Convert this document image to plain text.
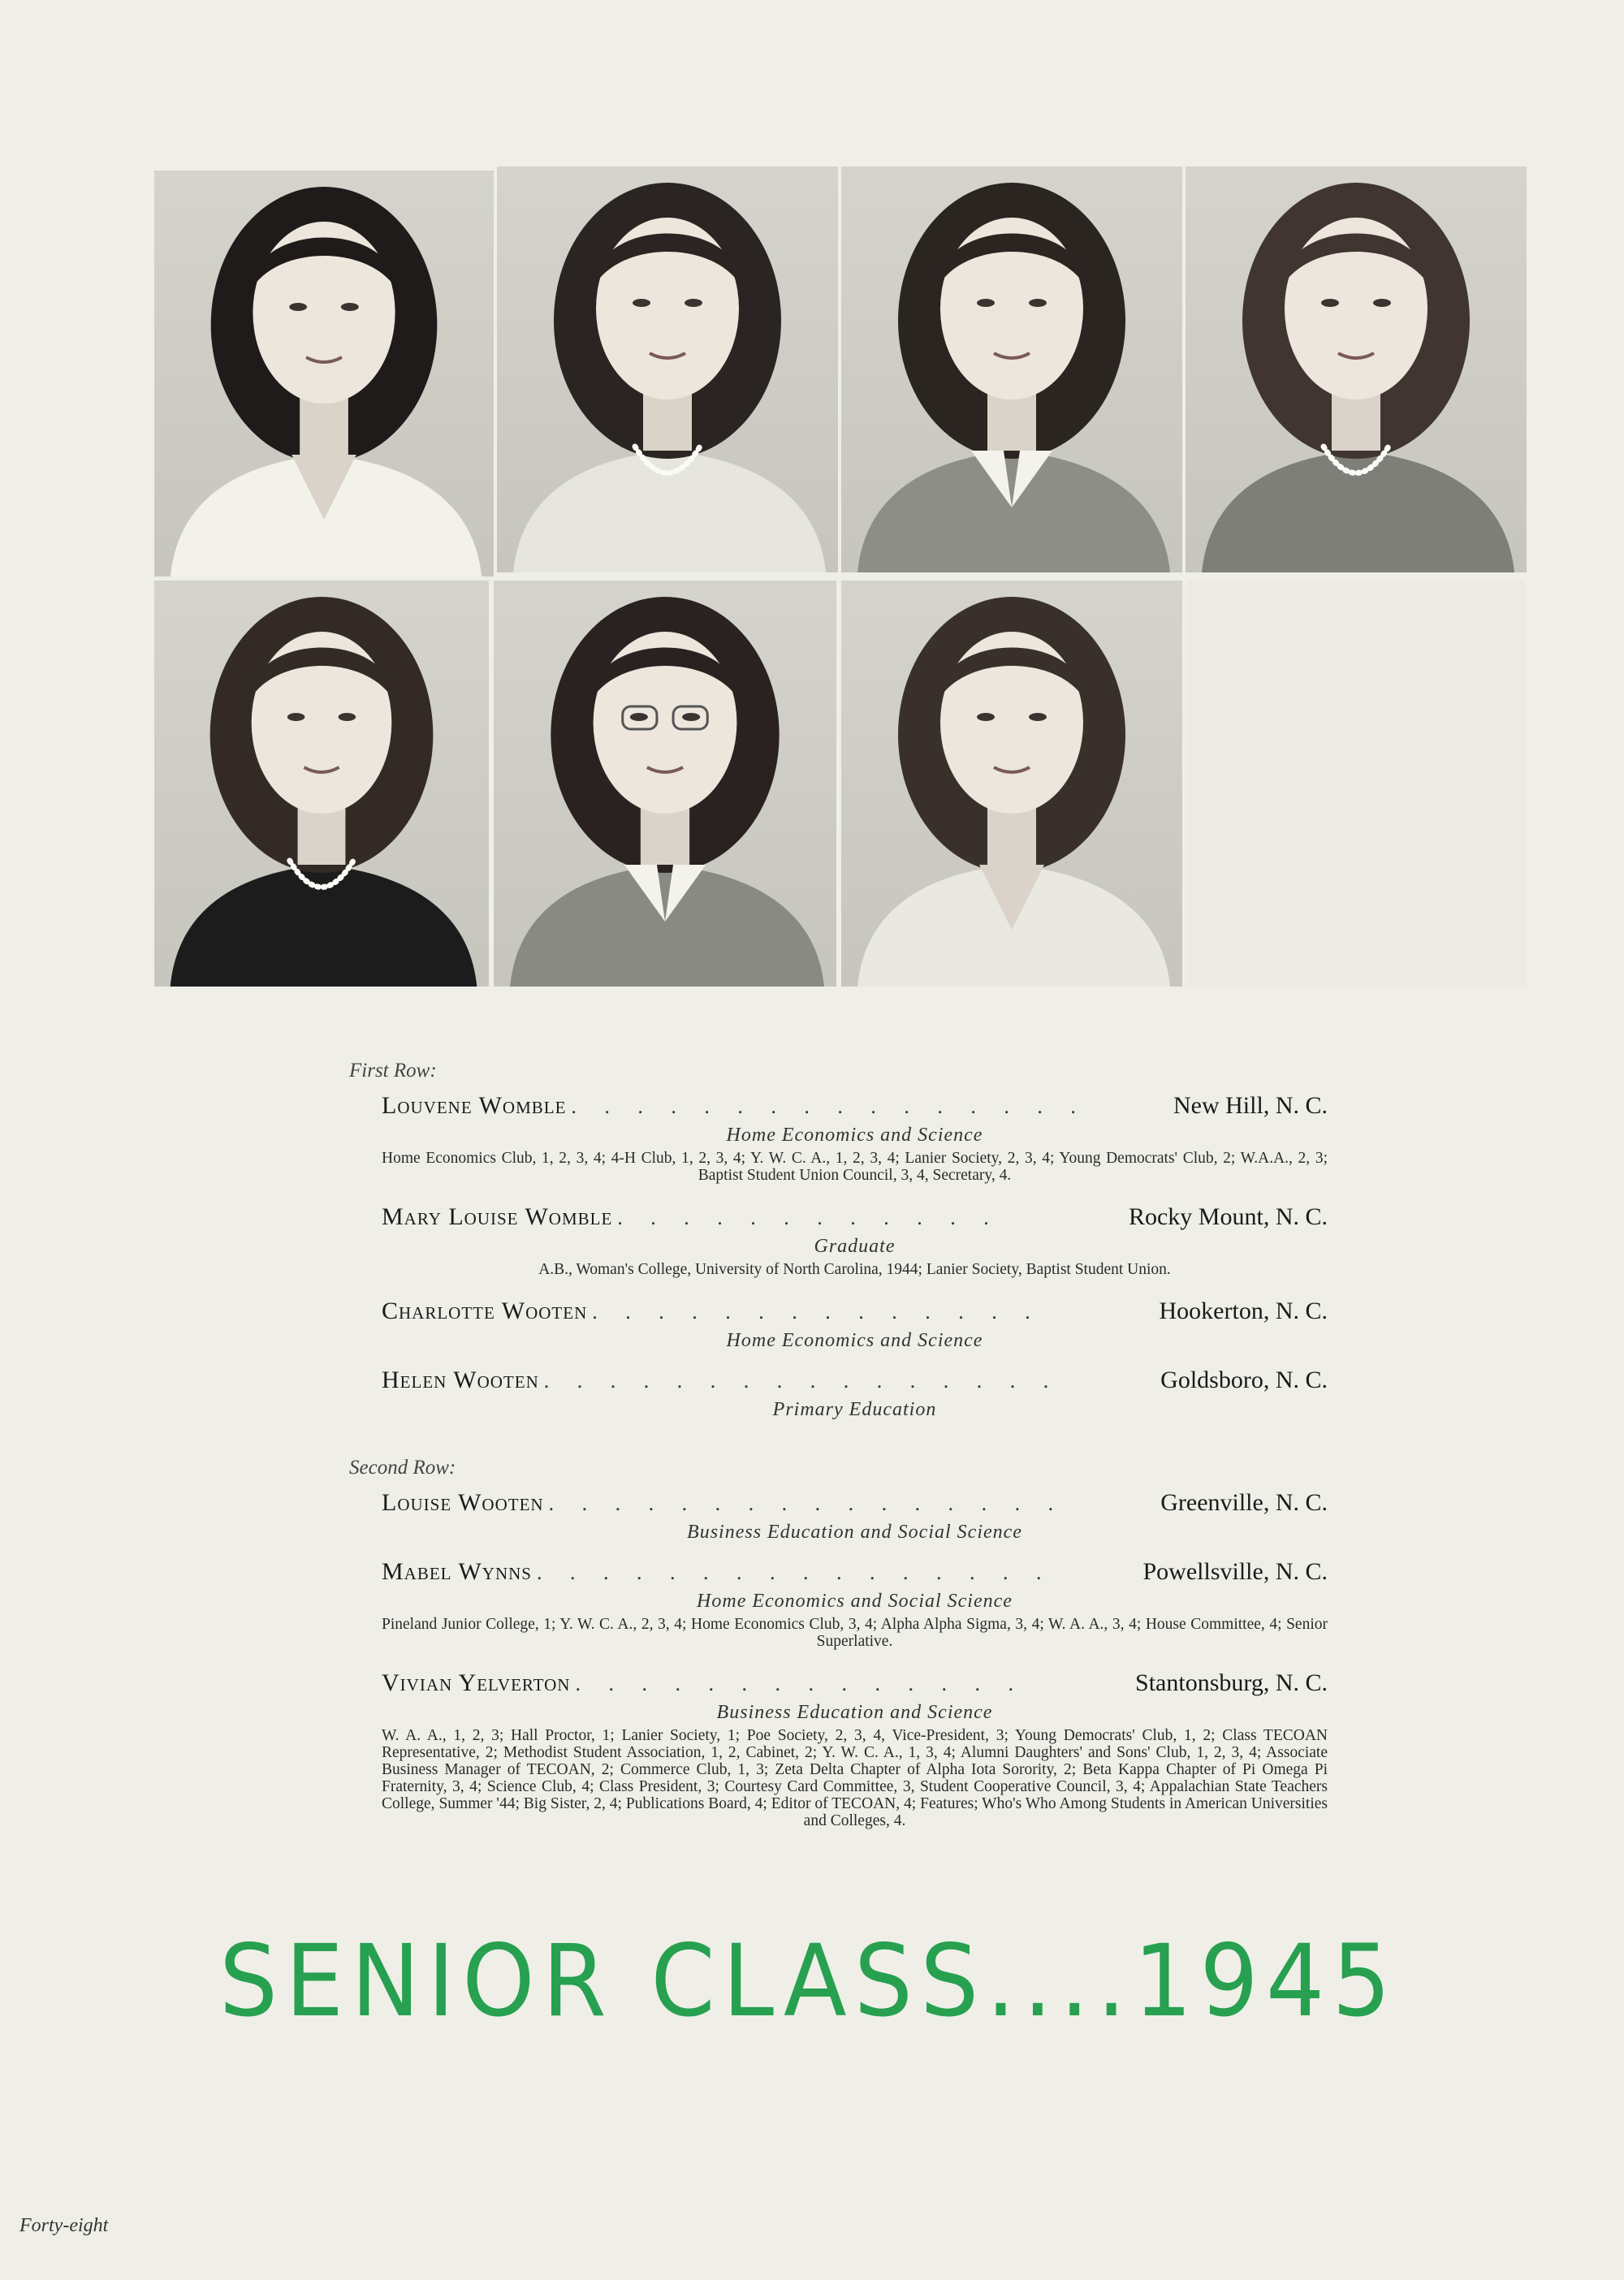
First Row:
Louvene Womble . . . . . . . . . . . . . . . .	New Hill, N. C.
Home Economics and Science
Home Economics Club, 1, 2, 3, 4; 4-H Club, 1, 2, 3, 4; Y. W. C. A., 1, 2, 3, 4; Lanier Society, 2, 3, 4; Young Democrats' Club, 2; W.A.A., 2, 3; Baptist Student Union Council, 3, 4, Secretary, 4.
Mary Louise Womble . . . . . . . . . . . .	Rocky Mount, N. C.
Graduate
A.B., Woman's College, University of North Carolina, 1944; Lanier Society, Baptist Student Union.
Charlotte Wooten . . . . . . . . . . . . . .	Hookerton, N. C.
Home Economics and Science
Helen Wooten . . . . . . . . . . . . . . . .	Goldsboro, N. C.
Primary Education
Second Row:
Louise Wooten . . . . . . . . . . . . . . . .	Greenville, N. C.
Business Education and Social Science
Mabel Wynns . . . . . . . . . . . . . . . .	Powellsville, N. C.
Home Economics and Social Science
Pineland Junior College, 1; Y. W. C. A., 2, 3, 4; Home Economics Club, 3, 4; Alpha Alpha Sigma, 3, 4; W. A. A., 3, 4; House Committee, 4; Senior Superlative.
Vivian Yelverton . . . . . . . . . . . . . .	Stantonsburg, N. C.
Business Education and Science
W. A. A., 1, 2, 3; Hall Proctor, 1; Lanier Society, 1; Poe Society, 2, 3, 4, Vice-President, 3; Young Democrats' Club, 1, 2; Class TECOAN Representative, 2; Methodist Student Association, 1, 2, Cabinet, 2; Y. W. C. A., 1, 3, 4; Alumni Daughters' and Sons' Club, 1, 2, 3, 4; Associate Business Manager of TECOAN, 2; Commerce Club, 1, 3; Zeta Delta Chapter of Alpha Iota Sorority, 2; Beta Kappa Chapter of Pi Omega Pi Fraternity, 3, 4; Science Club, 4; Class President, 3; Courtesy Card Committee, 3, Student Cooperative Council, 3, 4; Appalachian State Teachers College, Summer '44; Big Sister, 2, 4; Publications Board, 4; Editor of TECOAN, 4; Features; Who's Who Among Students in American Universities and Colleges, 4.
SENIOR CLASS....1945
Forty-eight
